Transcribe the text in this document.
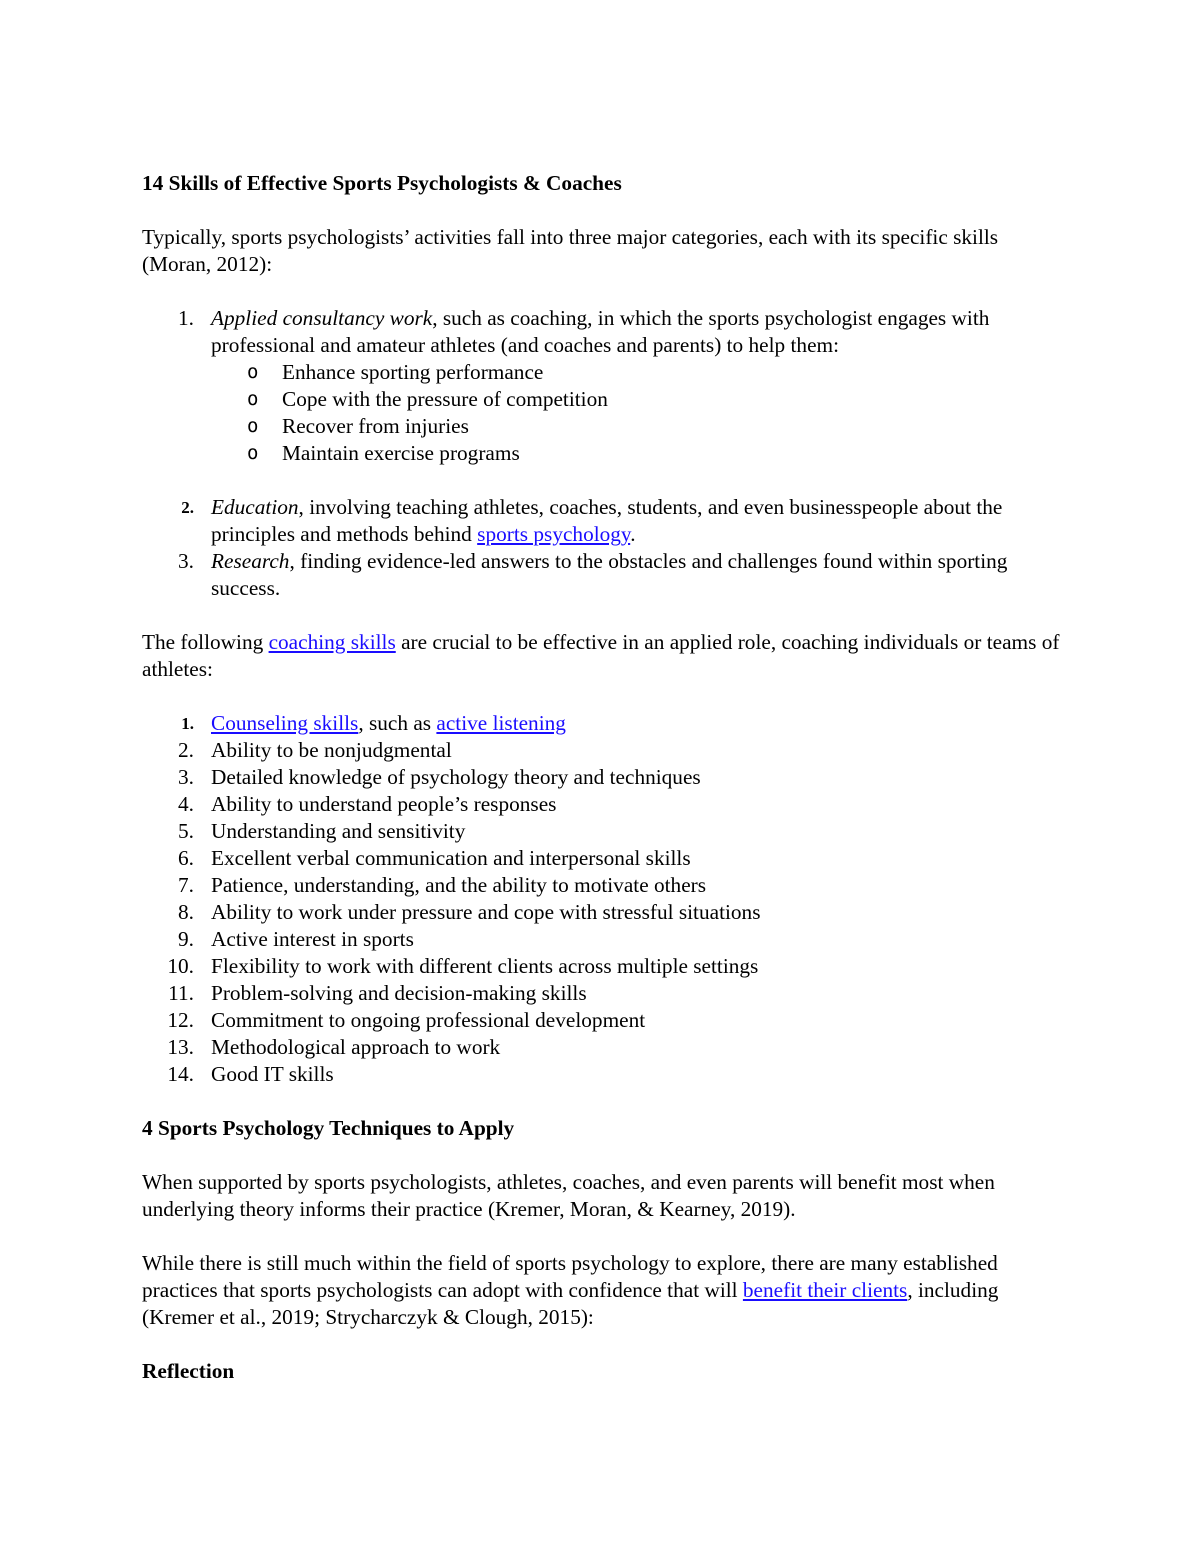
14 Skills of Effective Sports Psychologists & Coaches

Typically, sports psychologists’ activities fall into three major categories, each with its specific skills (Moran, 2012):

1. Applied consultancy work, such as coaching, in which the sports psychologist engages with professional and amateur athletes (and coaches and parents) to help them:
o Enhance sporting performance
o Cope with the pressure of competition
o Recover from injuries
o Maintain exercise programs
2. Education, involving teaching athletes, coaches, students, and even businesspeople about the principles and methods behind sports psychology.
3. Research, finding evidence-led answers to the obstacles and challenges found within sporting success.

The following coaching skills are crucial to be effective in an applied role, coaching individuals or teams of athletes:

1. Counseling skills, such as active listening
2. Ability to be nonjudgmental
3. Detailed knowledge of psychology theory and techniques
4. Ability to understand people’s responses
5. Understanding and sensitivity
6. Excellent verbal communication and interpersonal skills
7. Patience, understanding, and the ability to motivate others
8. Ability to work under pressure and cope with stressful situations
9. Active interest in sports
10. Flexibility to work with different clients across multiple settings
11. Problem-solving and decision-making skills
12. Commitment to ongoing professional development
13. Methodological approach to work
14. Good IT skills

4 Sports Psychology Techniques to Apply

When supported by sports psychologists, athletes, coaches, and even parents will benefit most when underlying theory informs their practice (Kremer, Moran, & Kearney, 2019).

While there is still much within the field of sports psychology to explore, there are many established practices that sports psychologists can adopt with confidence that will benefit their clients, including (Kremer et al., 2019; Strycharczyk & Clough, 2015):

Reflection
